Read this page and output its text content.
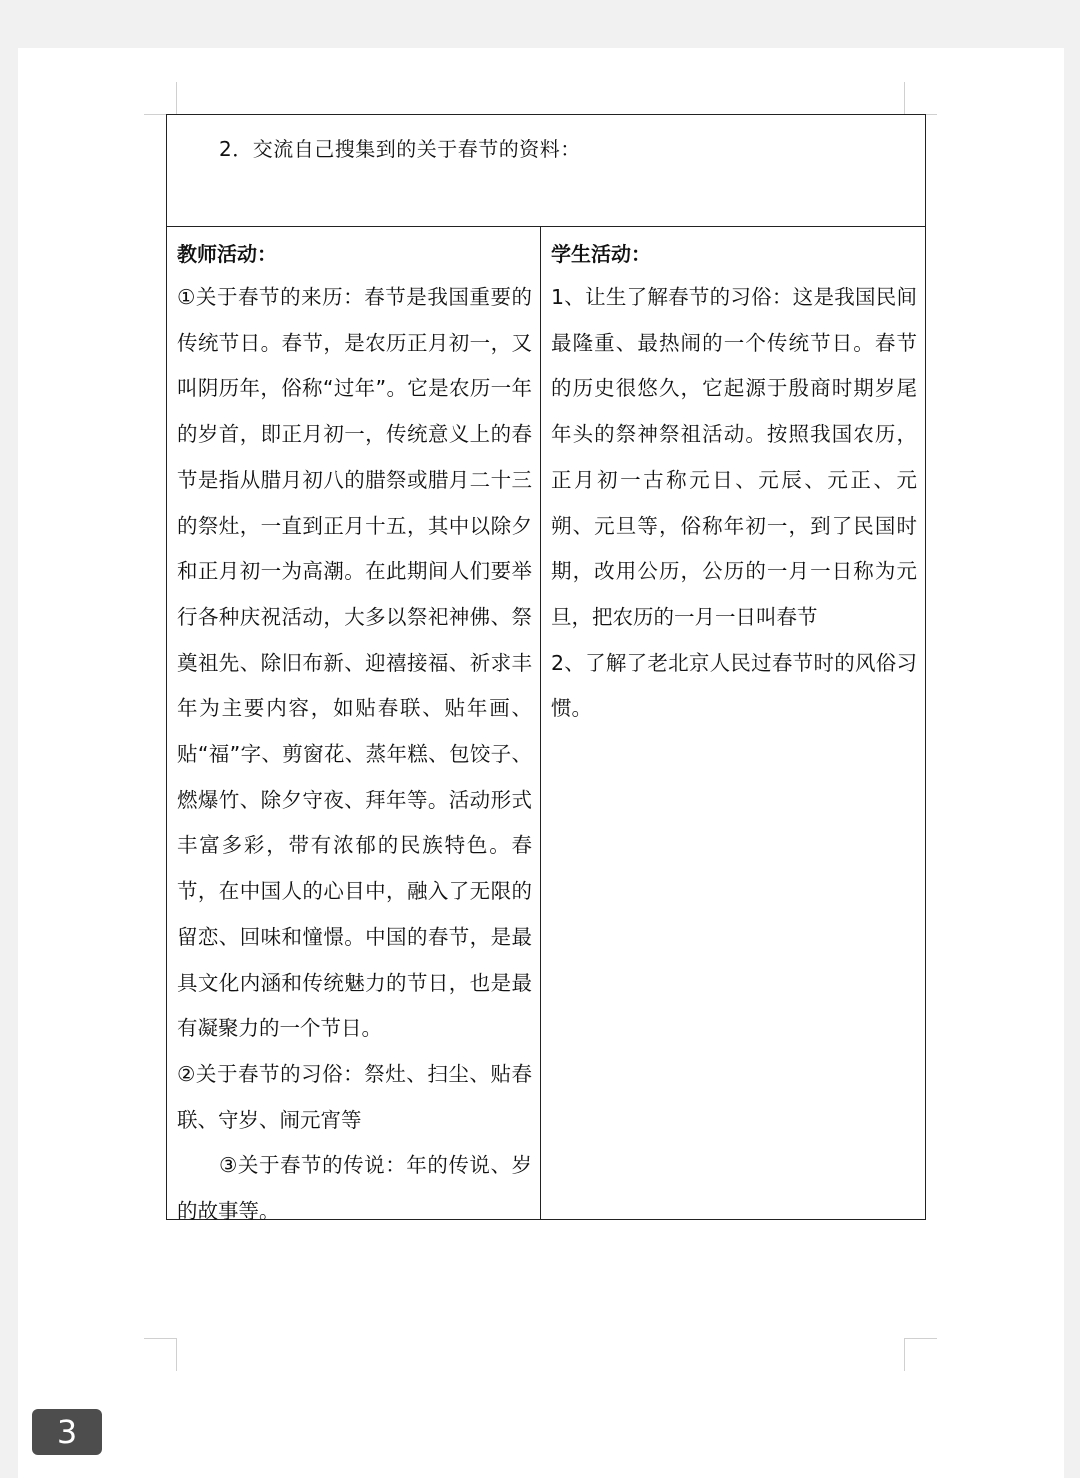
2．交流自己搜集到的关于春节的资料：
教师活动：

①关于春节的来历：春节是我国重要的传统节日。春节，是农历正月初一，又叫阴历年，俗称“过年”。它是农历一年的岁首，即正月初一，传统意义上的春节是指从腊月初八的腊祭或腊月二十三的祭灶，一直到正月十五，其中以除夕和正月初一为高潮。在此期间人们要举行各种庆祝活动，大多以祭祀神佛、祭奠祖先、除旧布新、迎禧接福、祈求丰年为主要内容，如贴春联、贴年画、贴“福”字、剪窗花、蒸年糕、包饺子、燃爆竹、除夕守夜、拜年等。活动形式丰富多彩，带有浓郁的民族特色。春节，在中国人的心目中，融入了无限的留恋、回味和憧憬。中国的春节，是最具文化内涵和传统魅力的节日，也是最有凝聚力的一个节日。

②关于春节的习俗：祭灶、扫尘、贴春联、守岁、闹元宵等

③关于春节的传说：年的传说、岁的故事等。

学生活动：

1、让生了解春节的习俗：这是我国民间最隆重、最热闹的一个传统节日。春节的历史很悠久，它起源于殷商时期岁尾年头的祭神祭祖活动。按照我国农历，正月初一古称元日、元辰、元正、元朔、元旦等，俗称年初一，到了民国时期，改用公历，公历的一月一日称为元旦，把农历的一月一日叫春节

2、了解了老北京人民过春节时的风俗习惯。

3
